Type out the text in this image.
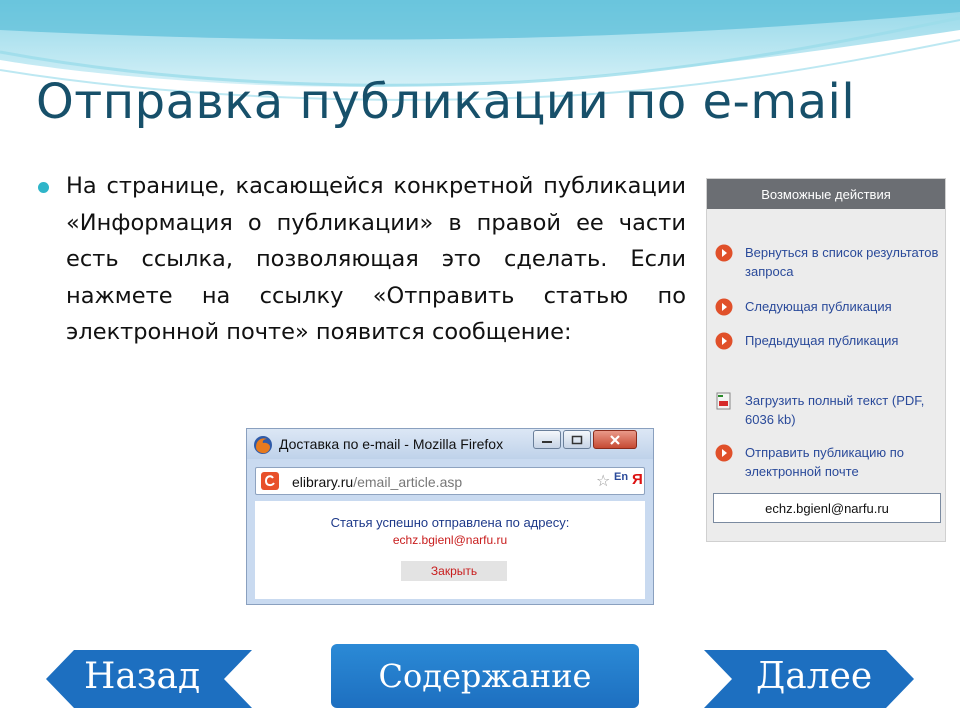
Отправка публикации по e-mail
На странице, касающейся конкретной публикации «Информация о публикации» в правой ее части есть ссылка, позволяющая это сделать. Если нажмете на ссылку «Отправить статью по электронной почте» появится сообщение:
Возможные действия
Вернуться в список результатов
запроса
Следующая публикация
Предыдущая публикация
Загрузить полный текст (PDF,
6036 kb)
Отправить публикацию по
электронной почте
echz.bgienl@narfu.ru
Доставка по e-mail - Mozilla Firefox
elibrary.ru/email_article.asp	☆ En Я
Статья успешно отправлена по адресу:
echz.bgienl@narfu.ru
Закрыть
Назад	Содержание	Далее
